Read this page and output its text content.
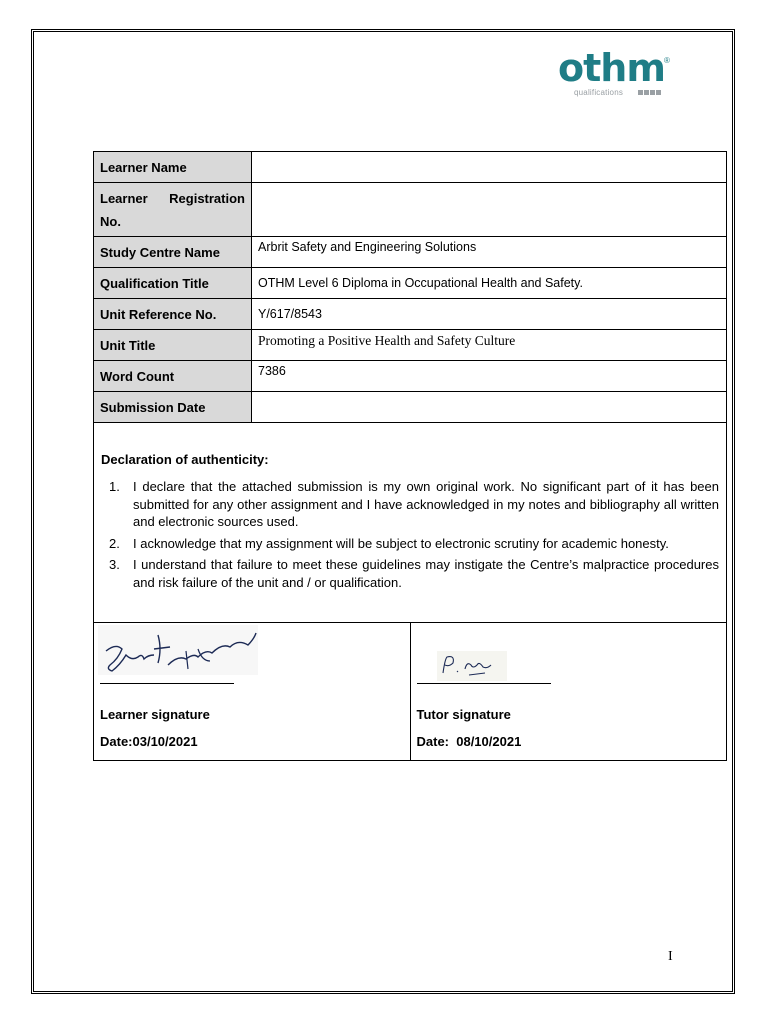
othm ®
qualifications
Learner Name	
Learner Registration No.	
Study Centre Name	Arbrit Safety and Engineering Solutions
Qualification Title	OTHM Level 6 Diploma in Occupational Health and Safety.
Unit Reference No.	Y/617/8543
Unit Title	Promoting a Positive Health and Safety Culture
Word Count	7386
Submission Date	
Declaration of authenticity:
1. I declare that the attached submission is my own original work. No significant part of it has been submitted for any other assignment and I have acknowledged in my notes and bibliography all written and electronic sources used.
2. I acknowledge that my assignment will be subject to electronic scrutiny for academic honesty.
3. I understand that failure to meet these guidelines may instigate the Centre’s malpractice procedures and risk failure of the unit and / or qualification.
Learner signature
Date:03/10/2021
Tutor signature
Date:  08/10/2021
I
